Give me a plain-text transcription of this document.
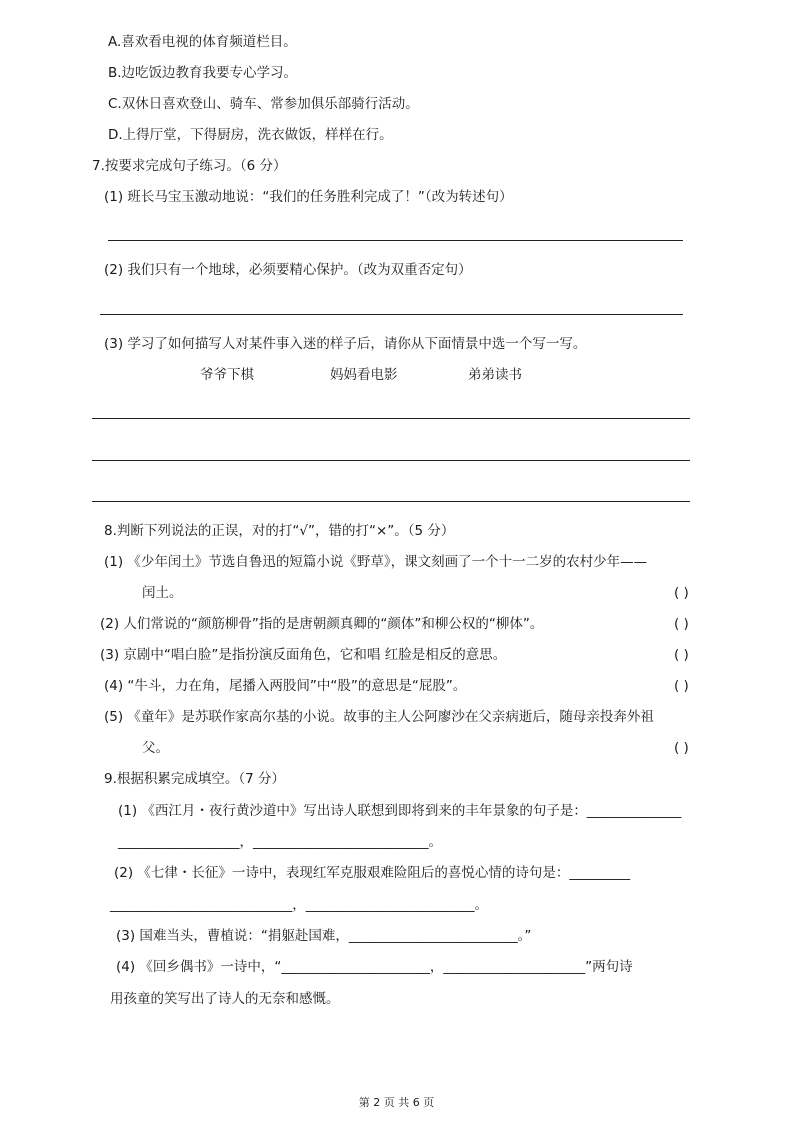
A.喜欢看电视的体育频道栏目。
B.边吃饭边教育我要专心学习。
C.双休日喜欢登山、骑车、常参加俱乐部骑行活动。
D.上得厅堂，下得厨房，洗衣做饭，样样在行。
7.按要求完成句子练习。（6 分）
(1) 班长马宝玉激动地说：“我们的任务胜利完成了！”（改为转述句）
(2) 我们只有一个地球，必须要精心保护。（改为双重否定句）
(3) 学习了如何描写人对某件事入迷的样子后，请你从下面情景中选一个写一写。
爷爷下棋	妈妈看电影	弟弟读书
8.判断下列说法的正误，对的打“√”，错的打“×”。（5 分）
(1) 《少年闰土》节选自鲁迅的短篇小说《野草》，课文刻画了一个十一二岁的农村少年——
闰土。	( )
(2) 人们常说的“颜筋柳骨”指的是唐朝颜真卿的“颜体”和柳公权的“柳体”。	( )
(3) 京剧中“唱白脸”是指扮演反面角色，它和唱 红脸是相反的意思。	( )
(4) “牛斗，力在角，尾播入两股间”中“股”的意思是“屁股”。	( )
(5) 《童年》是苏联作家高尔基的小说。故事的主人公阿廖沙在父亲病逝后，随母亲投奔外祖
父。	( )
9.根据积累完成填空。（7 分）
(1) 《西江月・夜行黄沙道中》写出诗人联想到即将到来的丰年景象的句子是：______________
__________________，__________________________。
(2) 《七律・长征》一诗中，表现红军克服艰难险阻后的喜悦心情的诗句是：_________
___________________________，_________________________。
(3) 国难当头，曹植说：“捐躯赴国难，_________________________。”
(4) 《回乡偶书》一诗中，“______________________，_____________________”两句诗
用孩童的笑写出了诗人的无奈和感慨。
第 2 页 共 6 页
